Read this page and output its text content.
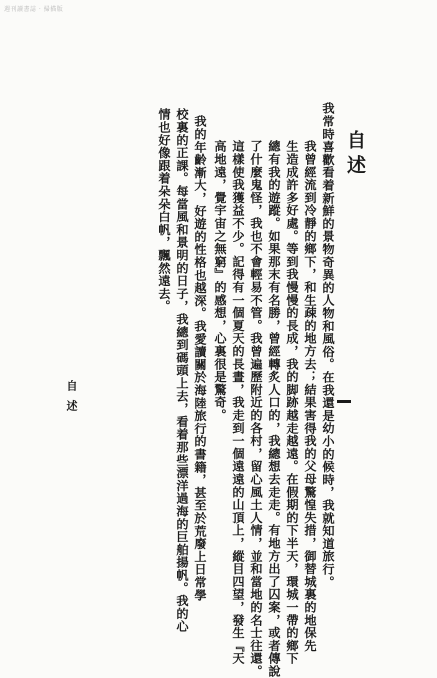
週刊讀書誌 · 掃描版
自述
我常時喜歡看着新鮮的景物奇異的人物和風俗。在我還是幼小的候時，我就知道旅行。
我曾經流到冷靜的鄉下，和生疎的地方去；結果害得我的父母驚惶失措，御替城裏的地保先
生造成許多好處。等到我慢慢的長成，我的脚跡越走越遠。在假期的下半天，環城一帶的鄉下
總有我的遊蹤。如果那末有名勝，曾經轉炙人口的，我總想去走走。有地方出了囚案，或者傳說
了什麼鬼怪，我也不會輕易不管。我曾遍歷附近的各村，留心風土人情，並和當地的名士往還。
這樣使我獲益不少。記得有一個夏天的長晝，我走到一個遠遠的山頂上，縱目四望，發生『天
高地遠，覺宇宙之無窮』的感想，心裏很是驚奇。
我的年齡漸大，好遊的性格也越深。我愛讀關於海陸旅行的書籍，甚至於荒廢上日常學
校裏的正課。每當風和景明的日子，我總到碼頭上去，看着那些漂洋過海的巨舶揚帆。我的心
情也好像跟着朵朵白帆，飄然遠去。
自述
